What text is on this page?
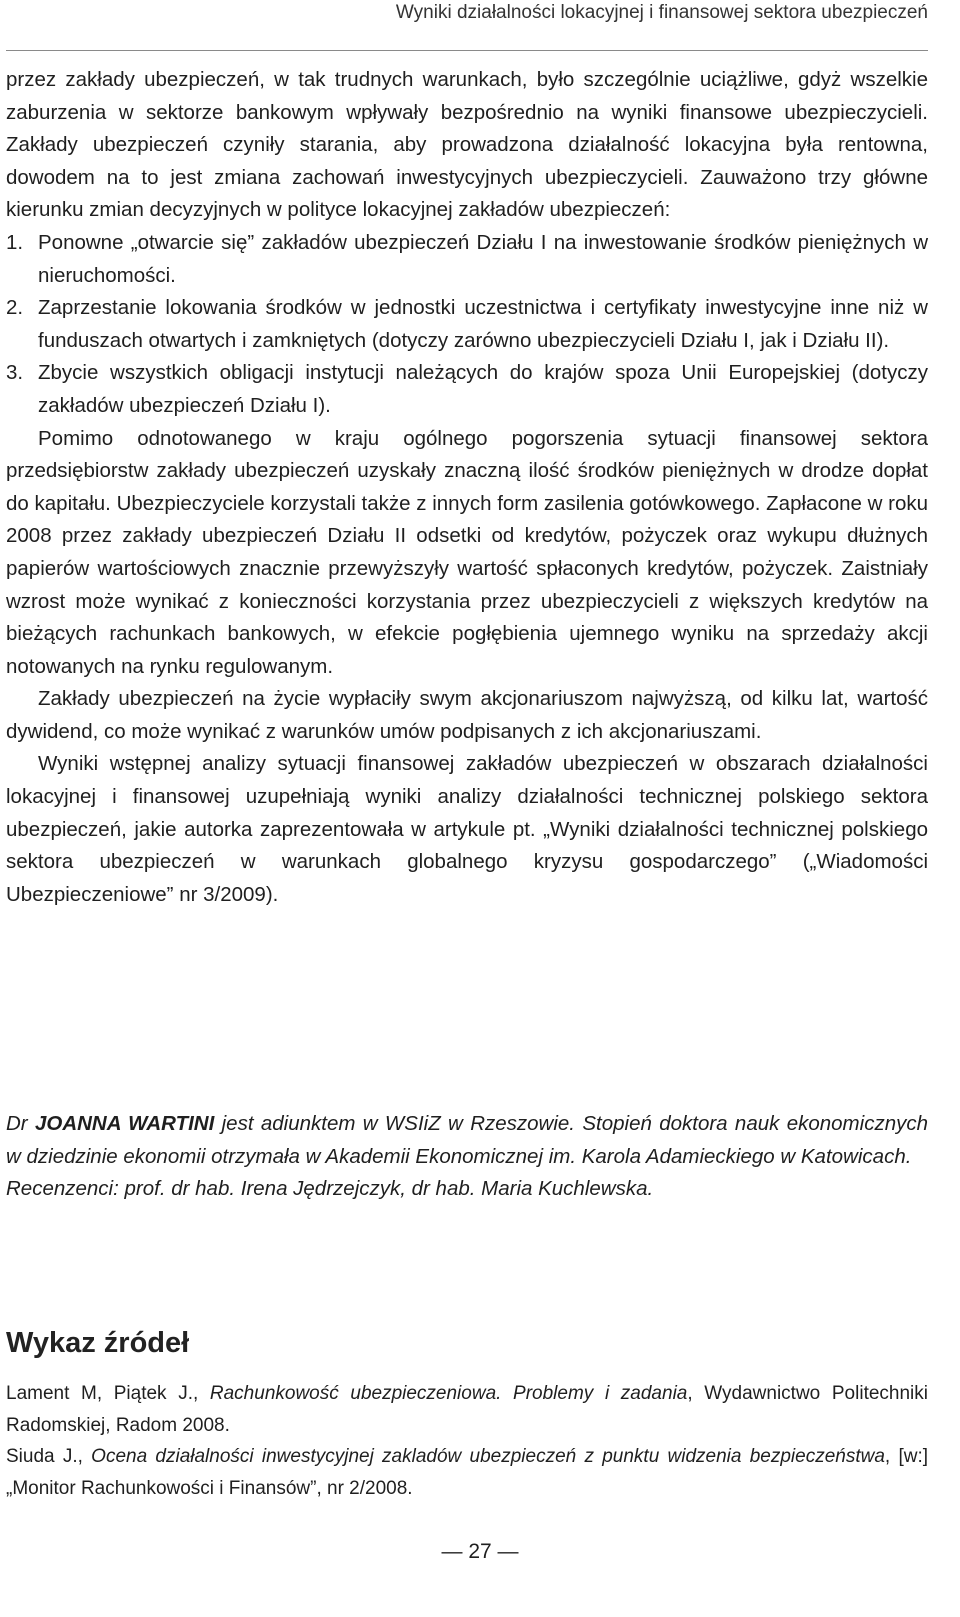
Wyniki działalności lokacyjnej i finansowej sektora ubezpieczeń

przez zakłady ubezpieczeń, w tak trudnych warunkach, było szczególnie uciążliwe, gdyż wszelkie zaburzenia w sektorze bankowym wpływały bezpośrednio na wyniki finansowe ubezpieczycieli. Zakłady ubezpieczeń czyniły starania, aby prowadzona działalność lokacyjna była rentowna, dowodem na to jest zmiana zachowań inwestycyjnych ubezpieczycieli. Zauważono trzy główne kierunku zmian decyzyjnych w polityce lokacyjnej zakładów ubezpieczeń:

1. Ponowne „otwarcie się” zakładów ubezpieczeń Działu I na inwestowanie środków pieniężnych w nieruchomości.
2. Zaprzestanie lokowania środków w jednostki uczestnictwa i certyfikaty inwestycyjne inne niż w funduszach otwartych i zamkniętych (dotyczy zarówno ubezpieczycieli Działu I, jak i Działu II).
3. Zbycie wszystkich obligacji instytucji należących do krajów spoza Unii Europejskiej (dotyczy zakładów ubezpieczeń Działu I).

Pomimo odnotowanego w kraju ogólnego pogorszenia sytuacji finansowej sektora przedsiębiorstw zakłady ubezpieczeń uzyskały znaczną ilość środków pieniężnych w drodze dopłat do kapitału. Ubezpieczyciele korzystali także z innych form zasilenia gotówkowego. Zapłacone w roku 2008 przez zakłady ubezpieczeń Działu II odsetki od kredytów, pożyczek oraz wykupu dłużnych papierów wartościowych znacznie przewyższyły wartość spłaconych kredytów, pożyczek. Zaistniały wzrost może wynikać z konieczności korzystania przez ubezpieczycieli z większych kredytów na bieżących rachunkach bankowych, w efekcie pogłębienia ujemnego wyniku na sprzedaży akcji notowanych na rynku regulowanym.

Zakłady ubezpieczeń na życie wypłaciły swym akcjonariuszom najwyższą, od kilku lat, wartość dywidend, co może wynikać z warunków umów podpisanych z ich akcjonariuszami.

Wyniki wstępnej analizy sytuacji finansowej zakładów ubezpieczeń w obszarach działalności lokacyjnej i finansowej uzupełniają wyniki analizy działalności technicznej polskiego sektora ubezpieczeń, jakie autorka zaprezentowała w artykule pt. „Wyniki działalności technicznej polskiego sektora ubezpieczeń w warunkach globalnego kryzysu gospodarczego” („Wiadomości Ubezpieczeniowe” nr 3/2009).

Dr JOANNA WARTINI jest adiunktem w WSIiZ w Rzeszowie. Stopień doktora nauk ekonomicznych w dziedzinie ekonomii otrzymała w Akademii Ekonomicznej im. Karola Adamieckiego w Katowicach.

Recenzenci: prof. dr hab. Irena Jędrzejczyk, dr hab. Maria Kuchlewska.

Wykaz źródeł

Lament M, Piątek J., Rachunkowość ubezpieczeniowa. Problemy i zadania, Wydawnictwo Politechniki Radomskiej, Radom 2008.

Siuda J., Ocena działalności inwestycyjnej zakladów ubezpieczeń z punktu widzenia bezpieczeństwa, [w:] „Monitor Rachunkowości i Finansów”, nr 2/2008.

— 27 —
